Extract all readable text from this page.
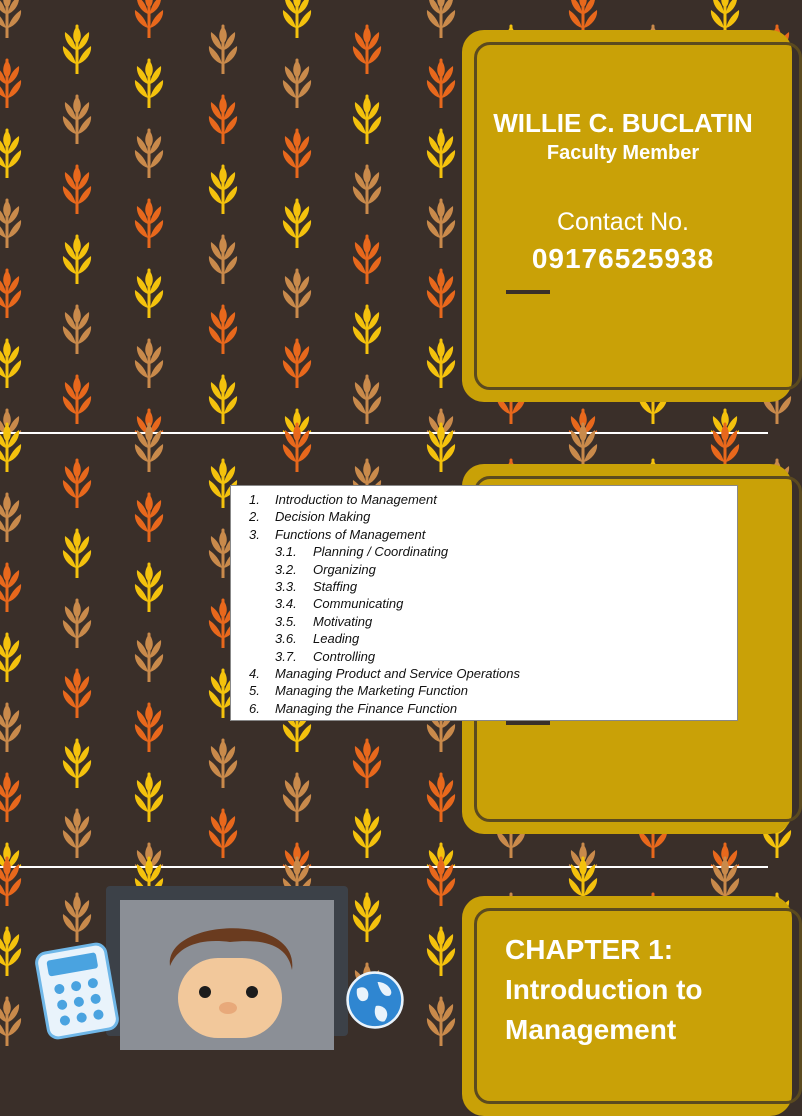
WILLIE C. BUCLATIN
Faculty Member
Contact No.
09176525938
1. Introduction to Management
2. Decision Making
3. Functions of Management
3.1. Planning / Coordinating
3.2. Organizing
3.3. Staffing
3.4. Communicating
3.5. Motivating
3.6. Leading
3.7. Controlling
4. Managing Product and Service Operations
5. Managing the Marketing Function
6. Managing the Finance Function
CHAPTER 1:
Introduction to
Management
